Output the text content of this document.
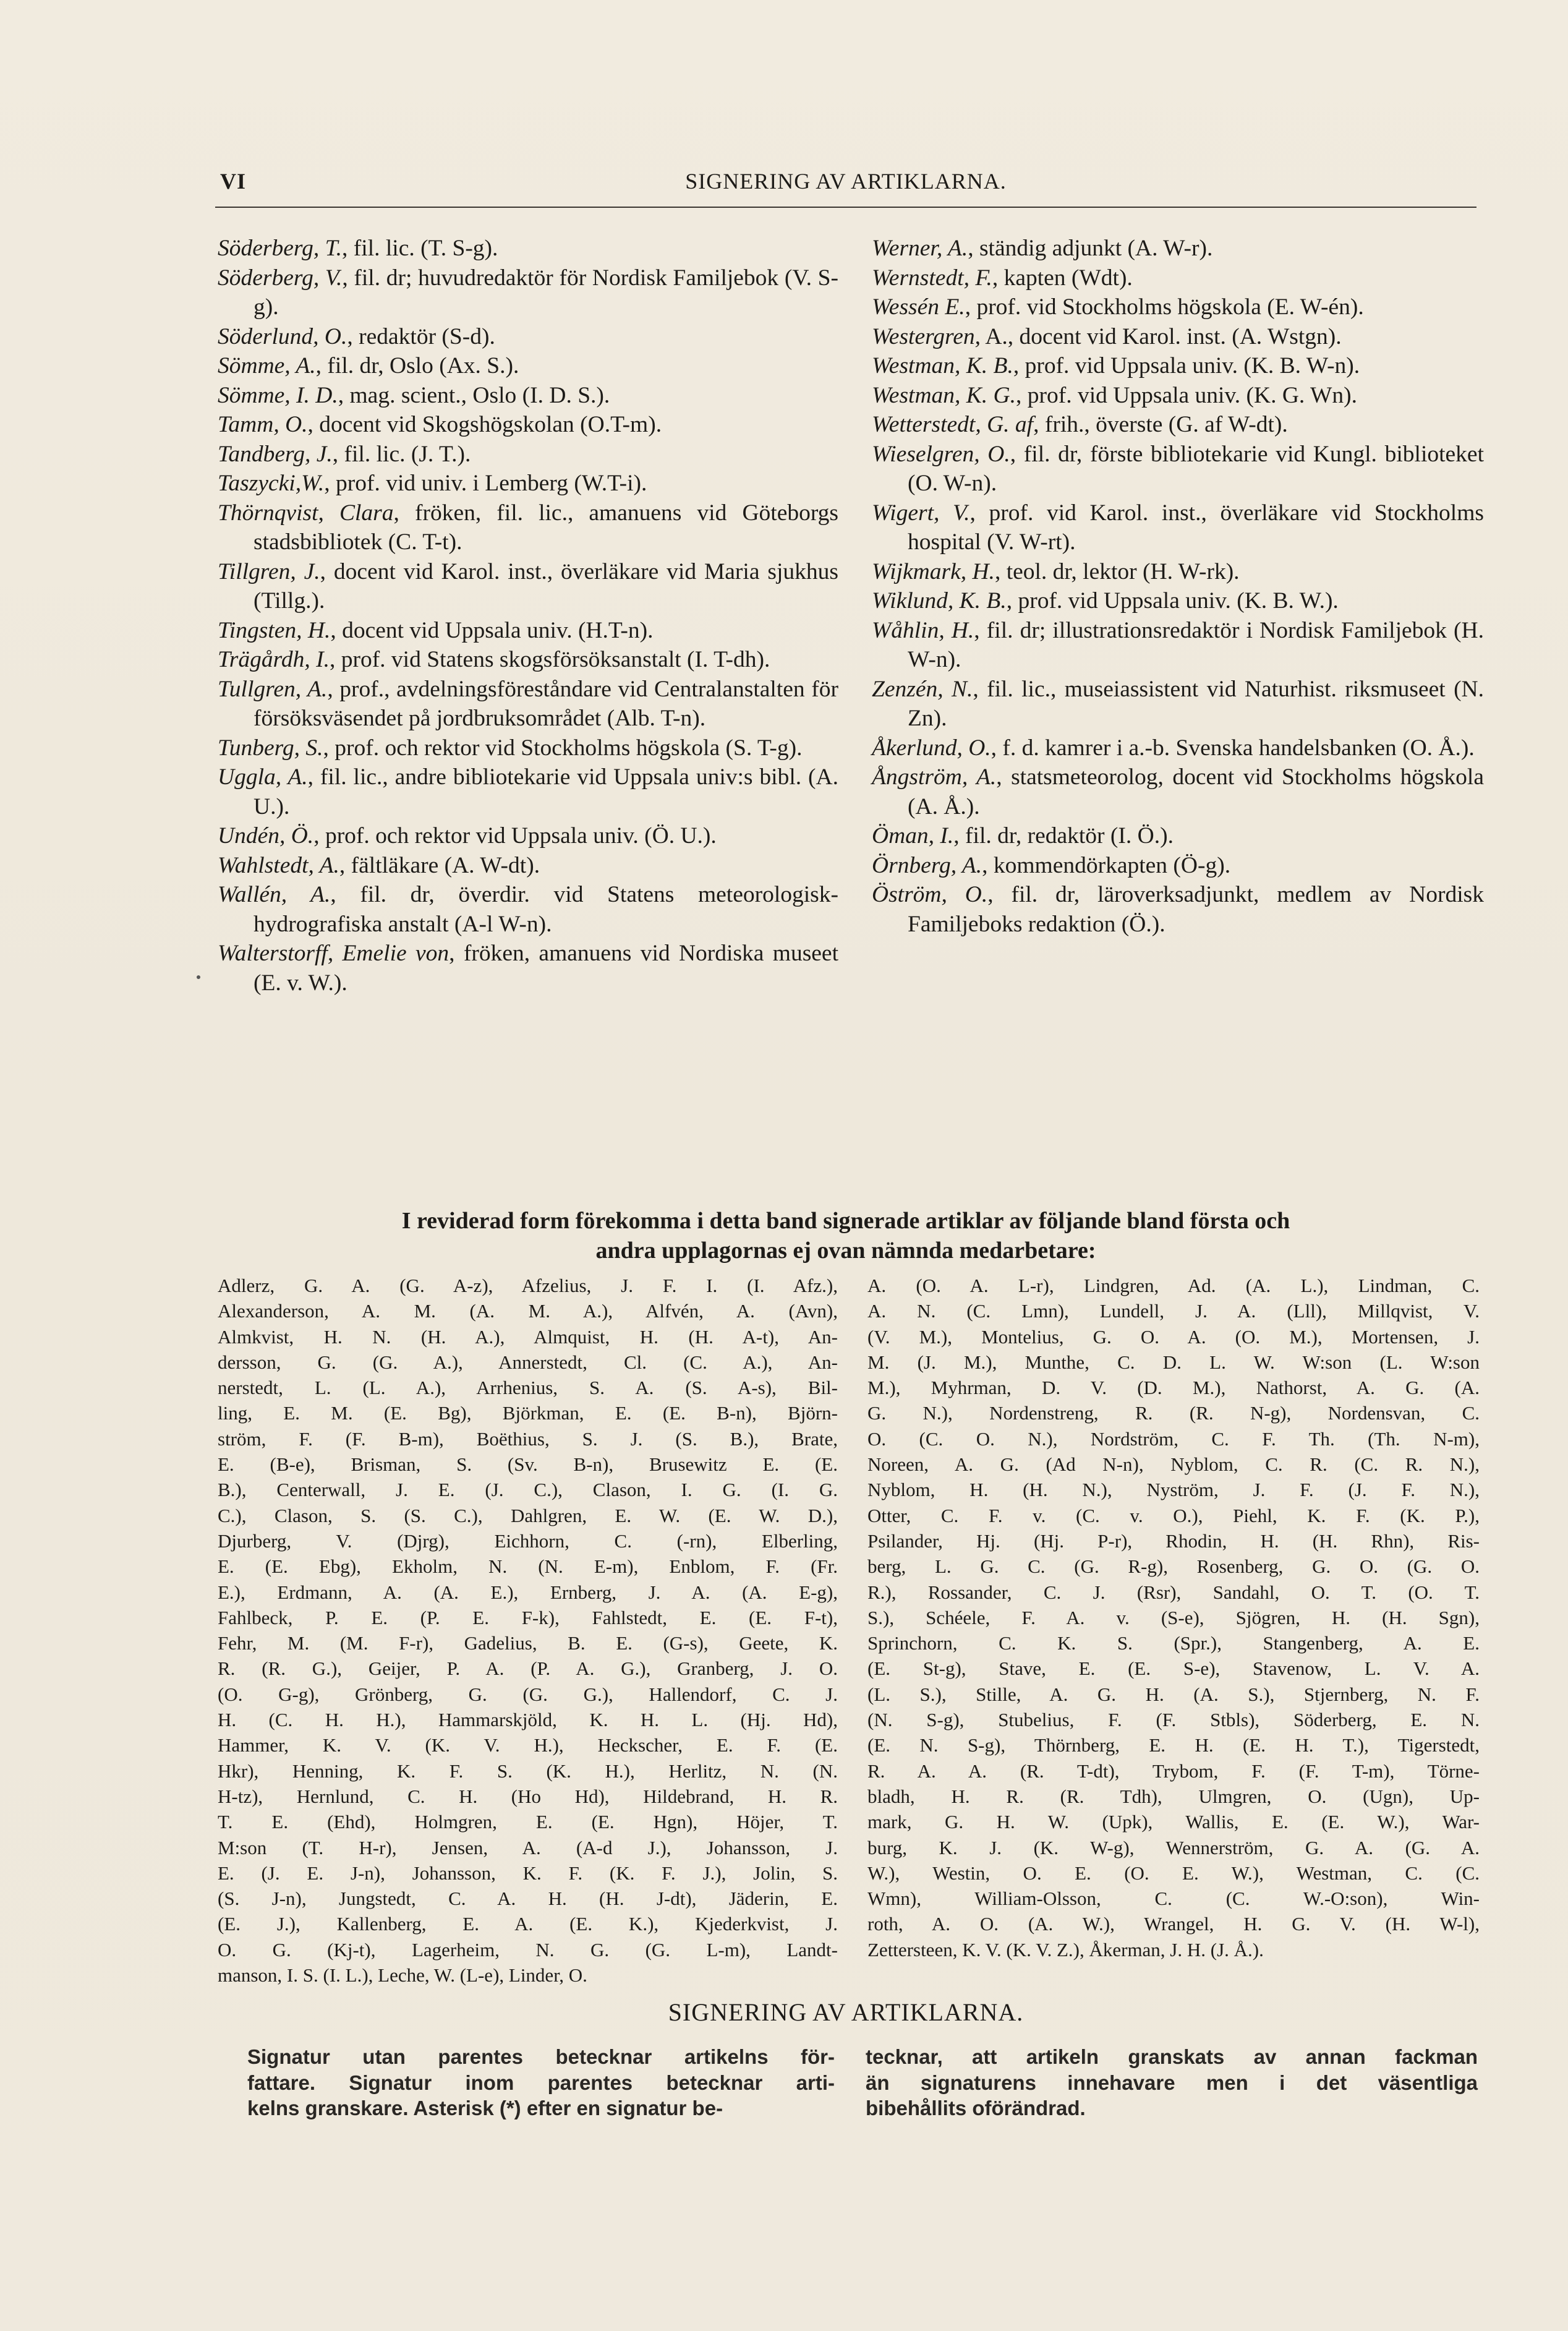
VI	SIGNERING AV ARTIKLARNA.

Söderberg, T., fil. lic. (T. S-g).

Söderberg, V., fil. dr; huvudredaktör för Nordisk Familjebok (V. S-g).

Söderlund, O., redaktör (S-d).

Sömme, A., fil. dr, Oslo (Ax. S.).

Sömme, I. D., mag. scient., Oslo (I. D. S.).

Tamm, O., docent vid Skogshögskolan (O.T-m).

Tandberg, J., fil. lic. (J. T.).

Taszycki,W., prof. vid univ. i Lemberg (W.T-i).

Thörnqvist, Clara, fröken, fil. lic., amanuens vid Göteborgs stadsbibliotek (C. T-t).

Tillgren, J., docent vid Karol. inst., överläkare vid Maria sjukhus (Tillg.).

Tingsten, H., docent vid Uppsala univ. (H.T-n).

Trägårdh, I., prof. vid Statens skogsförsöksanstalt (I. T-dh).

Tullgren, A., prof., avdelningsföreståndare vid Centralanstalten för försöksväsendet på jordbruksområdet (Alb. T-n).

Tunberg, S., prof. och rektor vid Stockholms högskola (S. T-g).

Uggla, A., fil. lic., andre bibliotekarie vid Uppsala univ:s bibl. (A. U.).

Undén, Ö., prof. och rektor vid Uppsala univ. (Ö. U.).

Wahlstedt, A., fältläkare (A. W-dt).

Wallén, A., fil. dr, överdir. vid Statens meteorologisk-hydrografiska anstalt (A-l W-n).

Walterstorff, Emelie von, fröken, amanuens vid Nordiska museet (E. v. W.).

Werner, A., ständig adjunkt (A. W-r).

Wernstedt, F., kapten (Wdt).

Wessén E., prof. vid Stockholms högskola (E. W-én).

Westergren, A., docent vid Karol. inst. (A. Wstgn).

Westman, K. B., prof. vid Uppsala univ. (K. B. W-n).

Westman, K. G., prof. vid Uppsala univ. (K. G. Wn).

Wetterstedt, G. af, frih., överste (G. af W-dt).

Wieselgren, O., fil. dr, förste bibliotekarie vid Kungl. biblioteket (O. W-n).

Wigert, V., prof. vid Karol. inst., överläkare vid Stockholms hospital (V. W-rt).

Wijkmark, H., teol. dr, lektor (H. W-rk).

Wiklund, K. B., prof. vid Uppsala univ. (K. B. W.).

Wåhlin, H., fil. dr; illustrationsredaktör i Nordisk Familjebok (H. W-n).

Zenzén, N., fil. lic., museiassistent vid Naturhist. riksmuseet (N. Zn).

Åkerlund, O., f. d. kamrer i a.-b. Svenska handelsbanken (O. Å.).

Ångström, A., statsmeteorolog, docent vid Stockholms högskola (A. Å.).

Öman, I., fil. dr, redaktör (I. Ö.).

Örnberg, A., kommendörkapten (Ö-g).

Öström, O., fil. dr, läroverksadjunkt, medlem av Nordisk Familjeboks redaktion (Ö.).

I reviderad form förekomma i detta band signerade artiklar av följande bland första och
andra upplagornas ej ovan nämnda medarbetare:
Adlerz, G. A. (G. A-z), Afzelius, J. F. I. (I. Afz.),
Alexanderson, A. M. (A. M. A.), Alfvén, A. (Avn),
Almkvist, H. N. (H. A.), Almquist, H. (H. A-t), An-
dersson, G. (G. A.), Annerstedt, Cl. (C. A.), An-
nerstedt, L. (L. A.), Arrhenius, S. A. (S. A-s), Bil-
ling, E. M. (E. Bg), Björkman, E. (E. B-n), Björn-
ström, F. (F. B-m), Boëthius, S. J. (S. B.), Brate,
E. (B-e), Brisman, S. (Sv. B-n), Brusewitz E. (E.
B.), Centerwall, J. E. (J. C.), Clason, I. G. (I. G.
C.), Clason, S. (S. C.), Dahlgren, E. W. (E. W. D.),
Djurberg, V. (Djrg), Eichhorn, C. (-rn), Elberling,
E. (E. Ebg), Ekholm, N. (N. E-m), Enblom, F. (Fr.
E.), Erdmann, A. (A. E.), Ernberg, J. A. (A. E-g),
Fahlbeck, P. E. (P. E. F-k), Fahlstedt, E. (E. F-t),
Fehr, M. (M. F-r), Gadelius, B. E. (G-s), Geete, K.
R. (R. G.), Geijer, P. A. (P. A. G.), Granberg, J. O.
(O. G-g), Grönberg, G. (G. G.), Hallendorf, C. J.
H. (C. H. H.), Hammarskjöld, K. H. L. (Hj. Hd),
Hammer, K. V. (K. V. H.), Heckscher, E. F. (E.
Hkr), Henning, K. F. S. (K. H.), Herlitz, N. (N.
H-tz), Hernlund, C. H. (Ho Hd), Hildebrand, H. R.
T. E. (Ehd), Holmgren, E. (E. Hgn), Höjer, T.
M:son (T. H-r), Jensen, A. (A-d J.), Johansson, J.
E. (J. E. J-n), Johansson, K. F. (K. F. J.), Jolin, S.
(S. J-n), Jungstedt, C. A. H. (H. J-dt), Jäderin, E.
(E. J.), Kallenberg, E. A. (E. K.), Kjederkvist, J.
O. G. (Kj-t), Lagerheim, N. G. (G. L-m), Landt-
manson, I. S. (I. L.), Leche, W. (L-e), Linder, O.
A. (O. A. L-r), Lindgren, Ad. (A. L.), Lindman, C.
A. N. (C. Lmn), Lundell, J. A. (Lll), Millqvist, V.
(V. M.), Montelius, G. O. A. (O. M.), Mortensen, J.
M. (J. M.), Munthe, C. D. L. W. W:son (L. W:son
M.), Myhrman, D. V. (D. M.), Nathorst, A. G. (A.
G. N.), Nordenstreng, R. (R. N-g), Nordensvan, C.
O. (C. O. N.), Nordström, C. F. Th. (Th. N-m),
Noreen, A. G. (Ad N-n), Nyblom, C. R. (C. R. N.),
Nyblom, H. (H. N.), Nyström, J. F. (J. F. N.),
Otter, C. F. v. (C. v. O.), Piehl, K. F. (K. P.),
Psilander, Hj. (Hj. P-r), Rhodin, H. (H. Rhn), Ris-
berg, L. G. C. (G. R-g), Rosenberg, G. O. (G. O.
R.), Rossander, C. J. (Rsr), Sandahl, O. T. (O. T.
S.), Schéele, F. A. v. (S-e), Sjögren, H. (H. Sgn),
Sprinchorn, C. K. S. (Spr.), Stangenberg, A. E.
(E. St-g), Stave, E. (E. S-e), Stavenow, L. V. A.
(L. S.), Stille, A. G. H. (A. S.), Stjernberg, N. F.
(N. S-g), Stubelius, F. (F. Stbls), Söderberg, E. N.
(E. N. S-g), Thörnberg, E. H. (E. H. T.), Tigerstedt,
R. A. A. (R. T-dt), Trybom, F. (F. T-m), Törne-
bladh, H. R. (R. Tdh), Ulmgren, O. (Ugn), Up-
mark, G. H. W. (Upk), Wallis, E. (E. W.), War-
burg, K. J. (K. W-g), Wennerström, G. A. (G. A.
W.), Westin, O. E. (O. E. W.), Westman, C. (C.
Wmn), William-Olsson, C. (C. W.-O:son), Win-
roth, A. O. (A. W.), Wrangel, H. G. V. (H. W-l),
Zettersteen, K. V. (K. V. Z.), Åkerman, J. H. (J. Å.).
SIGNERING AV ARTIKLARNA.
Signatur utan parentes betecknar artikelns för-
fattare. Signatur inom parentes betecknar arti-
kelns granskare. Asterisk (*) efter en signatur be-
tecknar, att artikeln granskats av annan fackman
än signaturens innehavare men i det väsentliga
bibehållits oförändrad.
